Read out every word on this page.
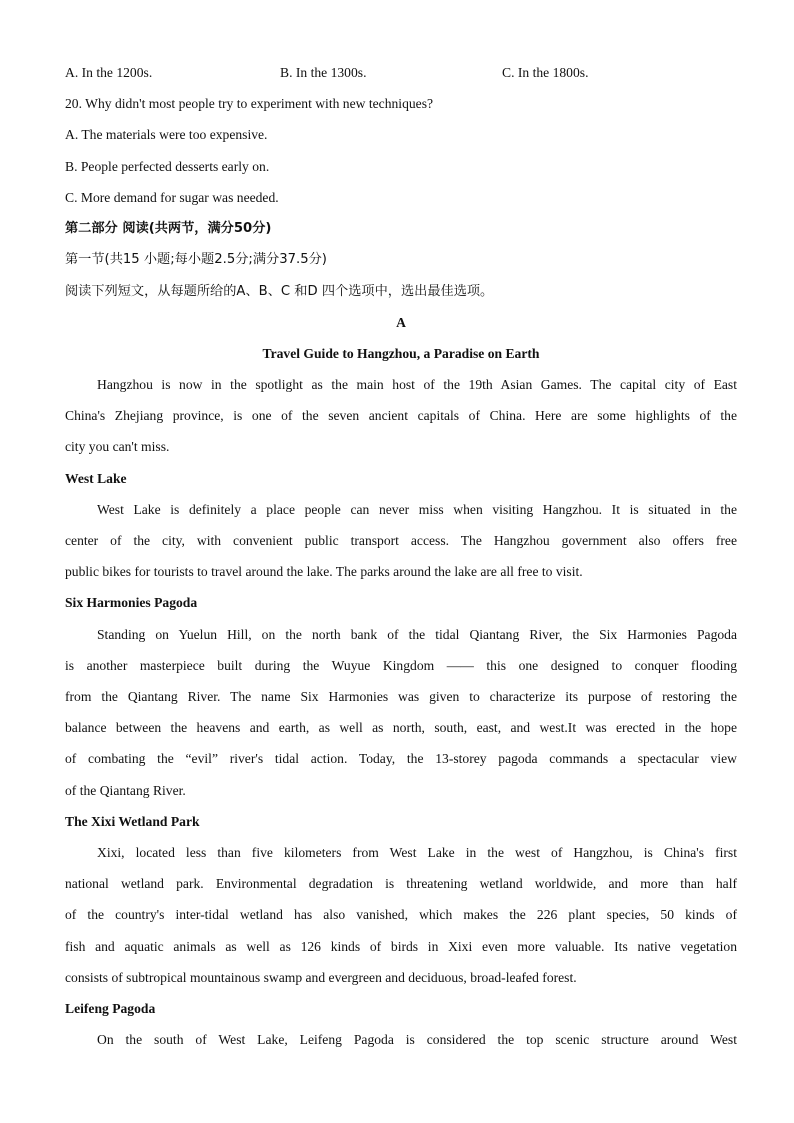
A. In the 1200s.	B. In the 1300s.	C. In the 1800s.
20. Why didn't most people try to experiment with new techniques?
A. The materials were too expensive.
B. People perfected desserts early on.
C. More demand for sugar was needed.
第二部分 阅读(共两节，满分50分)
第一节(共15 小题;每小题2.5分;满分37.5分)
阅读下列短文，从每题所给的A、B、C 和D 四个选项中，选出最佳选项。
A
Travel Guide to Hangzhou, a Paradise on Earth
Hangzhou is now in the spotlight as the main host of the 19th Asian Games. The capital city of East
China's Zhejiang province, is one of the seven ancient capitals of China. Here are some highlights of the
city you can't miss.
West Lake
West Lake is definitely a place people can never miss when visiting Hangzhou. It is situated in the
center of the city, with convenient public transport access. The Hangzhou government also offers free
public bikes for tourists to travel around the lake. The parks around the lake are all free to visit.
Six Harmonies Pagoda
Standing on Yuelun Hill, on the north bank of the tidal Qiantang River, the Six Harmonies Pagoda
is another masterpiece built during the Wuyue Kingdom —— this one designed to conquer flooding
from the Qiantang River. The name Six Harmonies was given to characterize its purpose of restoring the
balance between the heavens and earth, as well as north, south, east, and west.It was erected in the hope
of combating the “evil” river's tidal action. Today, the 13-storey pagoda commands a spectacular view
of the Qiantang River.
The Xixi Wetland Park
Xixi, located less than five kilometers from West Lake in the west of Hangzhou, is China's first
national wetland park. Environmental degradation is threatening wetland worldwide, and more than half
of the country's inter-tidal wetland has also vanished, which makes the 226 plant species, 50 kinds of
fish and aquatic animals as well as 126 kinds of birds in Xixi even more valuable. Its native vegetation
consists of subtropical mountainous swamp and evergreen and deciduous, broad-leafed forest.
Leifeng Pagoda
On the south of West Lake, Leifeng Pagoda is considered the top scenic structure around West
